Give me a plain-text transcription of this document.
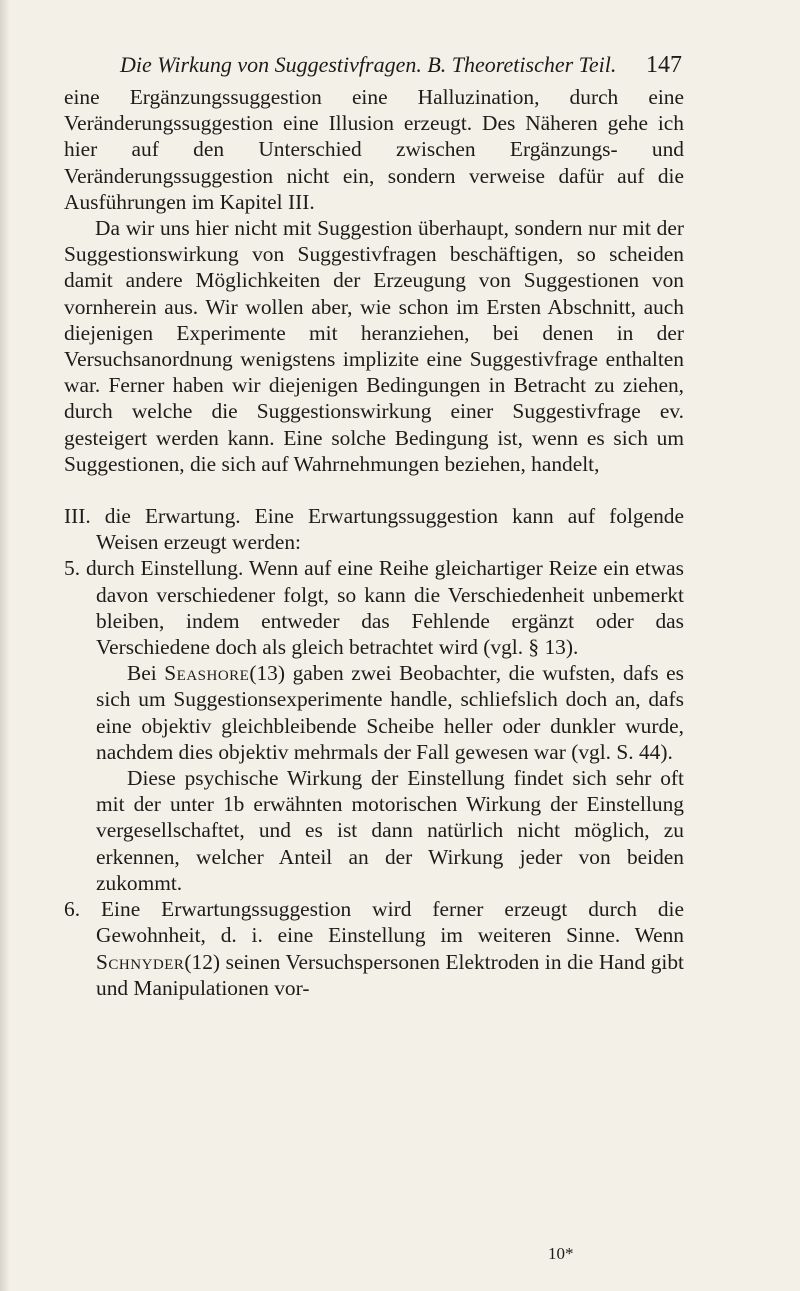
Die Wirkung von Suggestivfragen. B. Theoretischer Teil. 147

eine Ergänzungssuggestion eine Halluzination, durch eine Veränderungssuggestion eine Illusion erzeugt. Des Näheren gehe ich hier auf den Unterschied zwischen Ergänzungs- und Veränderungssuggestion nicht ein, sondern verweise dafür auf die Ausführungen im Kapitel III.

Da wir uns hier nicht mit Suggestion überhaupt, sondern nur mit der Suggestionswirkung von Suggestivfragen beschäftigen, so scheiden damit andere Möglichkeiten der Erzeugung von Suggestionen von vornherein aus. Wir wollen aber, wie schon im Ersten Abschnitt, auch diejenigen Experimente mit heranziehen, bei denen in der Versuchsanordnung wenigstens implizite eine Suggestivfrage enthalten war. Ferner haben wir diejenigen Bedingungen in Betracht zu ziehen, durch welche die Suggestionswirkung einer Suggestivfrage ev. gesteigert werden kann. Eine solche Bedingung ist, wenn es sich um Suggestionen, die sich auf Wahrnehmungen beziehen, handelt,

III. die Erwartung. Eine Erwartungssuggestion kann auf folgende Weisen erzeugt werden:

5. durch Einstellung. Wenn auf eine Reihe gleichartiger Reize ein etwas davon verschiedener folgt, so kann die Verschiedenheit unbemerkt bleiben, indem entweder das Fehlende ergänzt oder das Verschiedene doch als gleich betrachtet wird (vgl. § 13).

Bei Seashore(13) gaben zwei Beobachter, die wufsten, dafs es sich um Suggestionsexperimente handle, schliefslich doch an, dafs eine objektiv gleichbleibende Scheibe heller oder dunkler wurde, nachdem dies objektiv mehrmals der Fall gewesen war (vgl. S. 44).

Diese psychische Wirkung der Einstellung findet sich sehr oft mit der unter 1b erwähnten motorischen Wirkung der Einstellung vergesellschaftet, und es ist dann natürlich nicht möglich, zu erkennen, welcher Anteil an der Wirkung jeder von beiden zukommt.

6. Eine Erwartungssuggestion wird ferner erzeugt durch die Gewohnheit, d. i. eine Einstellung im weiteren Sinne. Wenn Schnyder(12) seinen Versuchspersonen Elektroden in die Hand gibt und Manipulationen vor-

10*
